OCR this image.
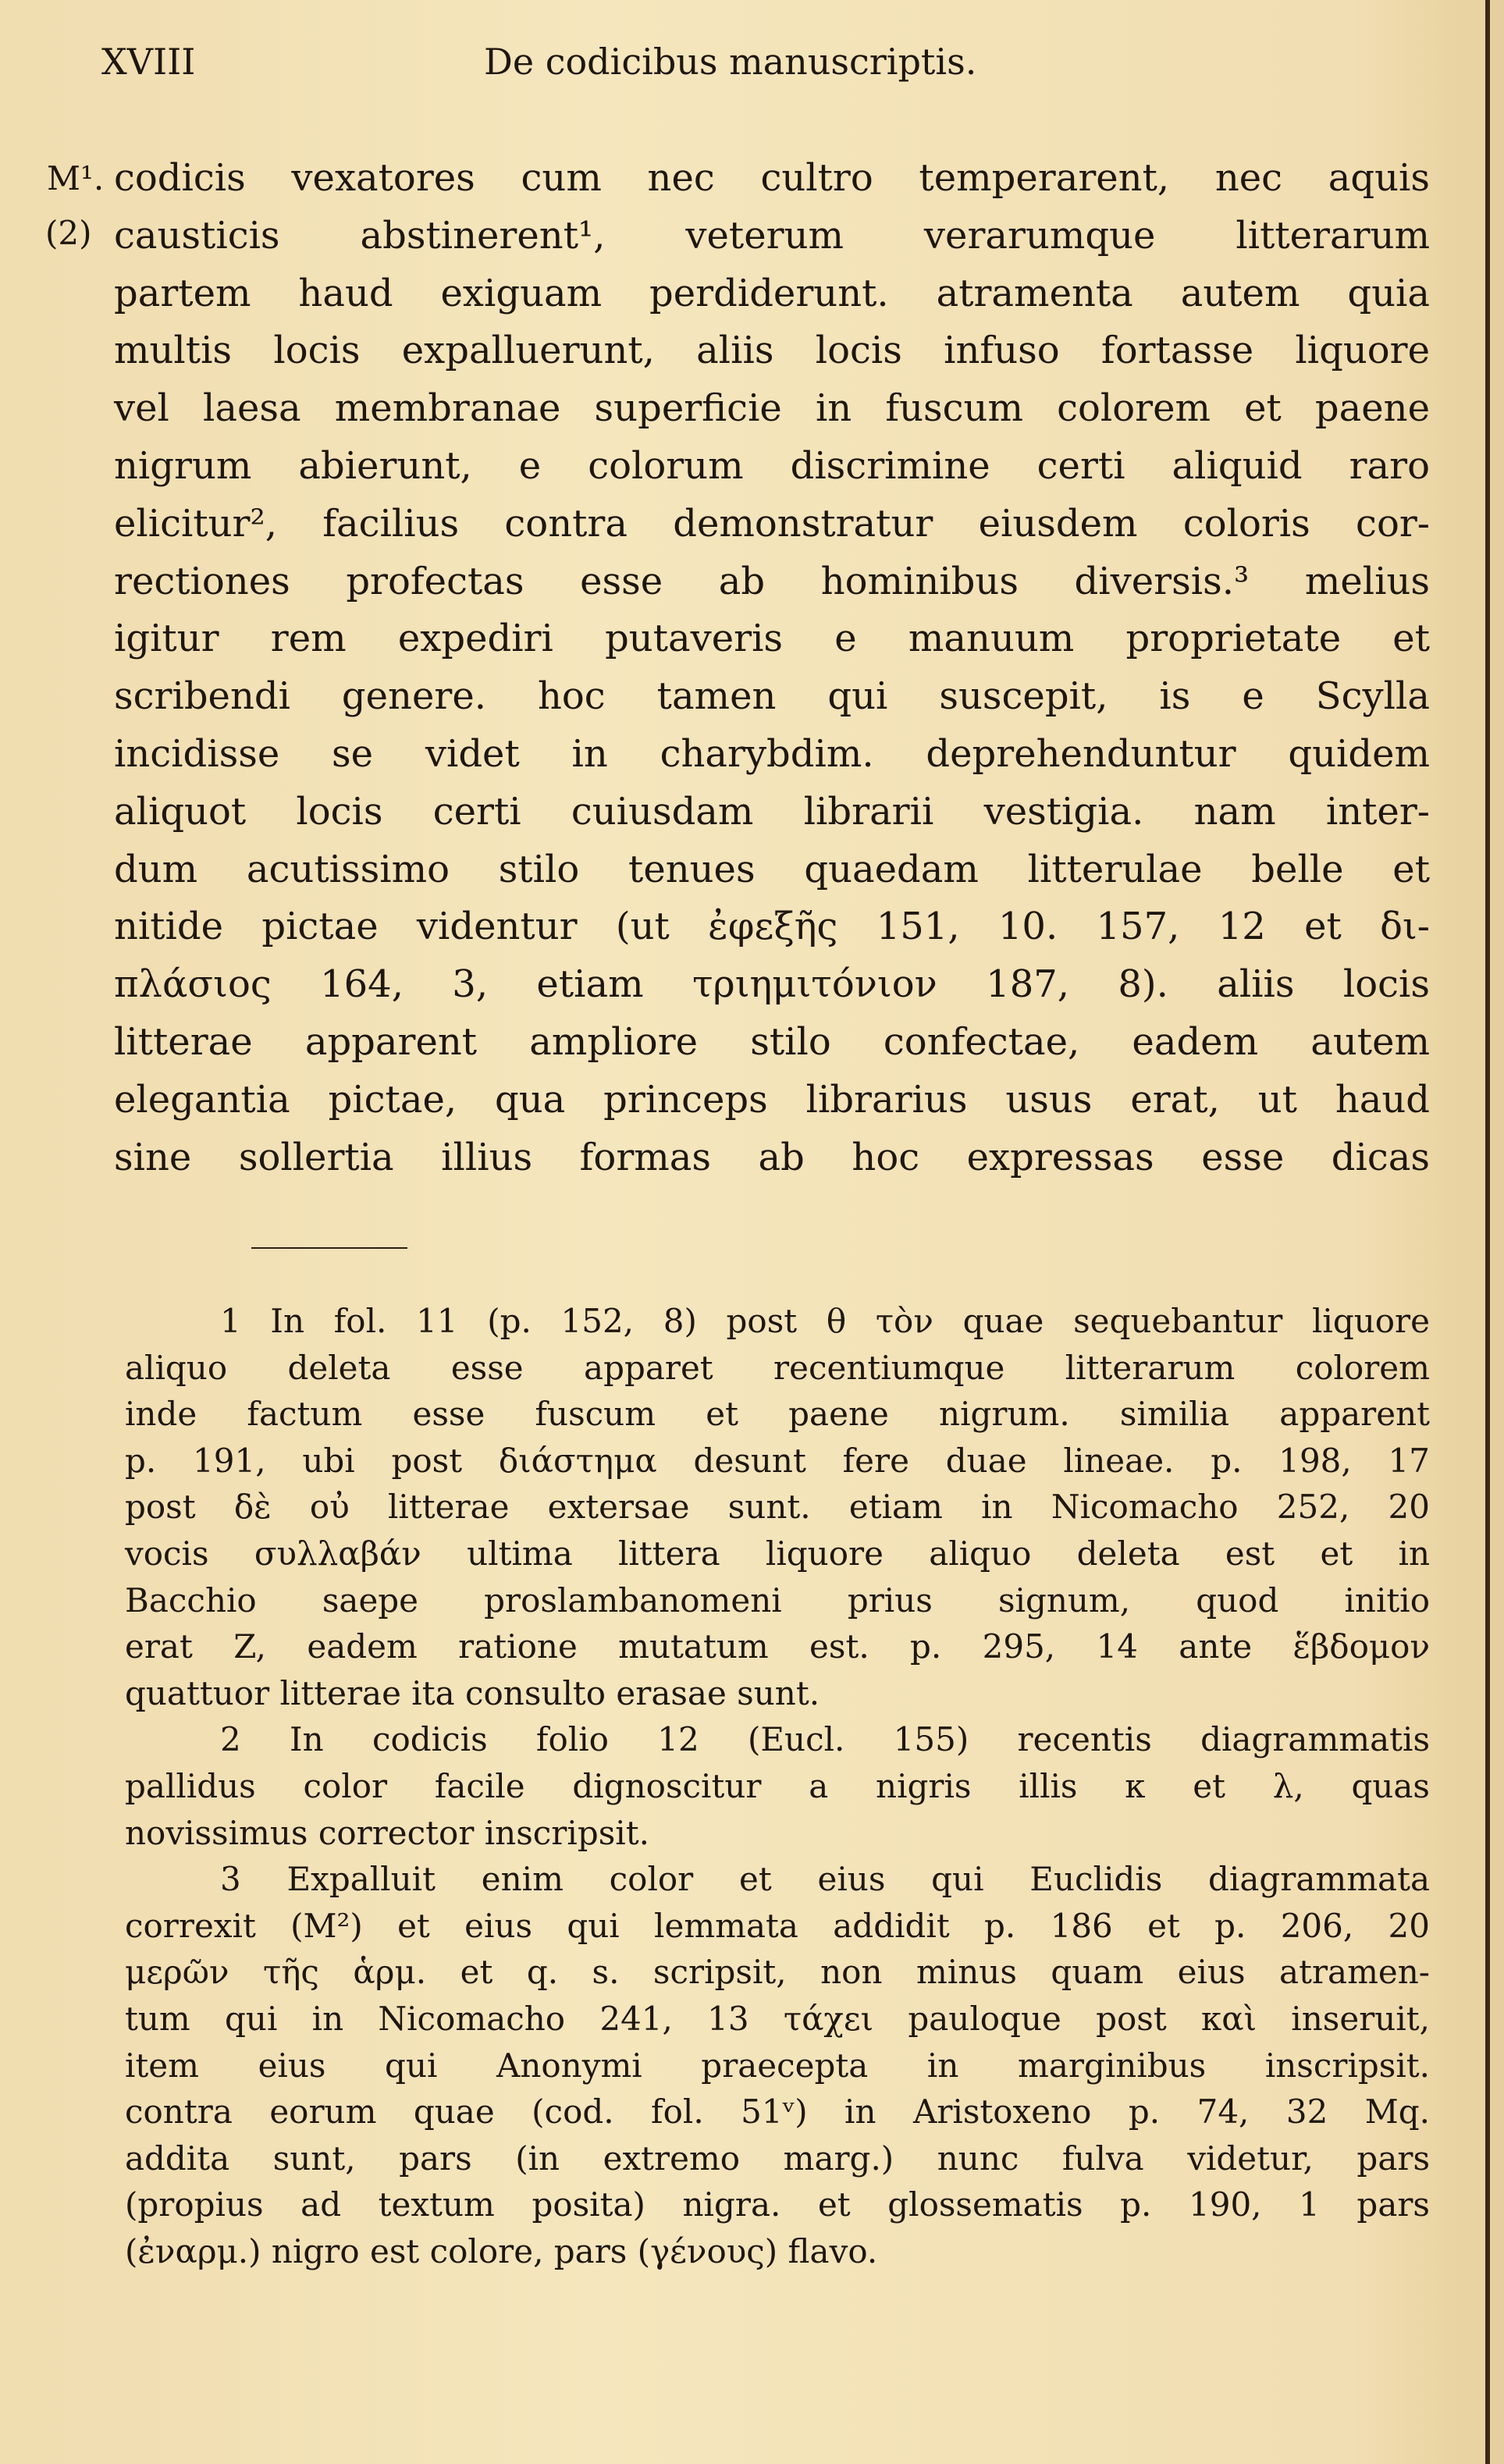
XVIII	De codicibus manuscriptis.
M¹.
(2)
codicis vexatores cum nec cultro temperarent, nec aquis
causticis abstinerent¹, veterum verarumque litterarum
partem haud exiguam perdiderunt. atramenta autem quia
multis locis expalluerunt, aliis locis infuso fortasse liquore
vel laesa membranae superficie in fuscum colorem et paene
nigrum abierunt, e colorum discrimine certi aliquid raro
elicitur², facilius contra demonstratur eiusdem coloris cor-
rectiones profectas esse ab hominibus diversis.³ melius
igitur rem expediri putaveris e manuum proprietate et
scribendi genere. hoc tamen qui suscepit, is e Scylla
incidisse se videt in charybdim. deprehenduntur quidem
aliquot locis certi cuiusdam librarii vestigia. nam inter-
dum acutissimo stilo tenues quaedam litterulae belle et
nitide pictae videntur (ut ἐφεξῆς 151, 10. 157, 12 et δι-
πλάσιος 164, 3, etiam τριημιτόνιον 187, 8). aliis locis
litterae apparent ampliore stilo confectae, eadem autem
elegantia pictae, qua princeps librarius usus erat, ut haud
sine sollertia illius formas ab hoc expressas esse dicas
1 In fol. 11 (p. 152, 8) post θ τὸν quae sequebantur liquore
aliquo deleta esse apparet recentiumque litterarum colorem
inde factum esse fuscum et paene nigrum. similia apparent
p. 191, ubi post διάστημα desunt fere duae lineae. p. 198, 17
post δὲ οὐ litterae extersae sunt. etiam in Nicomacho 252, 20
vocis συλλαβάν ultima littera liquore aliquo deleta est et in
Bacchio saepe proslambanomeni prius signum, quod initio
erat Z, eadem ratione mutatum est. p. 295, 14 ante ἕβδομον
quattuor litterae ita consulto erasae sunt.
2 In codicis folio 12 (Eucl. 155) recentis diagrammatis
pallidus color facile dignoscitur a nigris illis κ et λ, quas
novissimus corrector inscripsit.
3 Expalluit enim color et eius qui Euclidis diagrammata
correxit (M²) et eius qui lemmata addidit p. 186 et p. 206, 20
μερῶν τῆς ἁρμ. et q. s. scripsit, non minus quam eius atramen-
tum qui in Nicomacho 241, 13 τάχει pauloque post καὶ inseruit,
item eius qui Anonymi praecepta in marginibus inscripsit.
contra eorum quae (cod. fol. 51ᵛ) in Aristoxeno p. 74, 32 Mq.
addita sunt, pars (in extremo marg.) nunc fulva videtur, pars
(propius ad textum posita) nigra. et glossematis p. 190, 1 pars
(ἐναρμ.) nigro est colore, pars (γένους) flavo.
